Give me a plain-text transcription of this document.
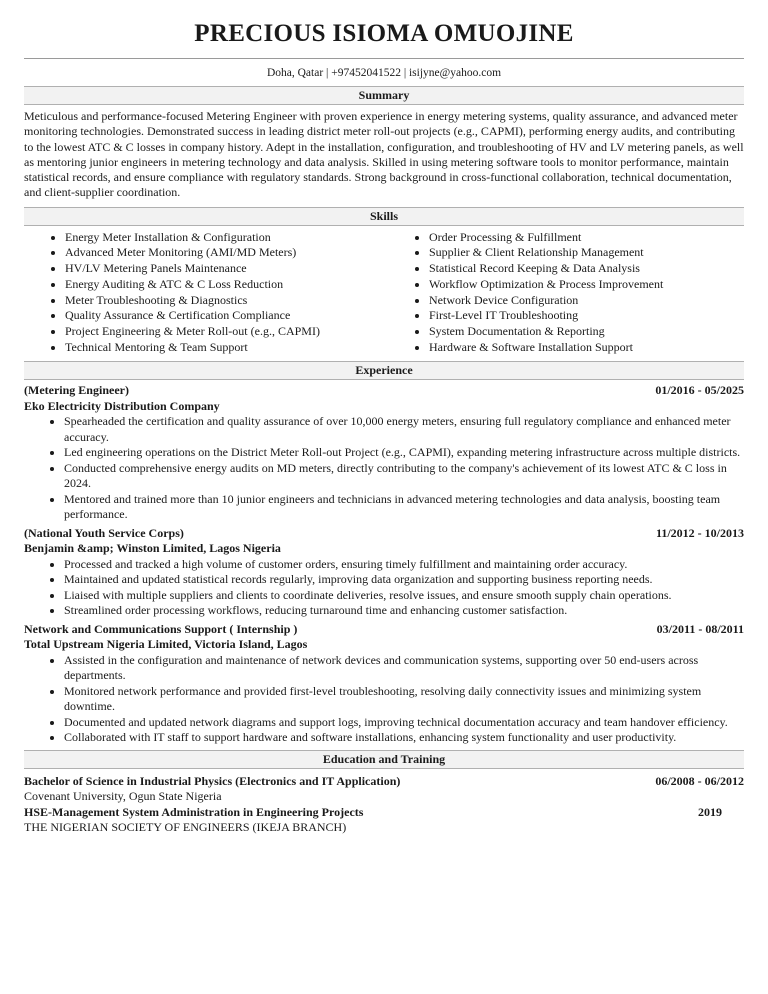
PRECIOUS ISIOMA OMUOJINE
Doha, Qatar | +97452041522 | isijyne@yahoo.com
Summary

Meticulous and performance-focused Metering Engineer with proven experience in energy metering systems, quality assurance, and advanced meter monitoring technologies. Demonstrated success in leading district meter roll-out projects (e.g., CAPMI), performing energy audits, and contributing to the lowest ATC & C losses in company history. Adept in the installation, configuration, and troubleshooting of HV and LV metering panels, as well as mentoring junior engineers in metering technology and data analysis. Skilled in using metering software tools to monitor performance, maintain statistical records, and ensure compliance with regulatory standards. Strong background in cross-functional collaboration, technical documentation, and client-supplier coordination.

Skills
• Energy Meter Installation & Configuration
• Advanced Meter Monitoring (AMI/MD Meters)
• HV/LV Metering Panels Maintenance
• Energy Auditing & ATC & C Loss Reduction
• Meter Troubleshooting & Diagnostics
• Quality Assurance & Certification Compliance
• Project Engineering & Meter Roll-out (e.g., CAPMI)
• Technical Mentoring & Team Support
• Order Processing & Fulfillment
• Supplier & Client Relationship Management
• Statistical Record Keeping & Data Analysis
• Workflow Optimization & Process Improvement
• Network Device Configuration
• First-Level IT Troubleshooting
• System Documentation & Reporting
• Hardware & Software Installation Support
Experience
(Metering Engineer)	01/2016 - 05/2025
Eko Electricity Distribution Company
• Spearheaded the certification and quality assurance of over 10,000 energy meters, ensuring full regulatory compliance and enhanced meter accuracy.
• Led engineering operations on the District Meter Roll-out Project (e.g., CAPMI), expanding metering infrastructure across multiple districts.
• Conducted comprehensive energy audits on MD meters, directly contributing to the company's achievement of its lowest ATC & C loss in 2024.
• Mentored and trained more than 10 junior engineers and technicians in advanced metering technologies and data analysis, boosting team performance.
(National Youth Service Corps)	11/2012 - 10/2013
Benjamin &amp; Winston Limited, Lagos Nigeria
• Processed and tracked a high volume of customer orders, ensuring timely fulfillment and maintaining order accuracy.
• Maintained and updated statistical records regularly, improving data organization and supporting business reporting needs.
• Liaised with multiple suppliers and clients to coordinate deliveries, resolve issues, and ensure smooth supply chain operations.
• Streamlined order processing workflows, reducing turnaround time and enhancing customer satisfaction.
Network and Communications Support ( Internship )	03/2011 - 08/2011
Total Upstream Nigeria Limited, Victoria Island, Lagos
• Assisted in the configuration and maintenance of network devices and communication systems, supporting over 50 end-users across departments.
• Monitored network performance and provided first-level troubleshooting, resolving daily connectivity issues and minimizing system downtime.
• Documented and updated network diagrams and support logs, improving technical documentation accuracy and team handover efficiency.
• Collaborated with IT staff to support hardware and software installations, enhancing system functionality and user productivity.
Education and Training
Bachelor of Science in Industrial Physics (Electronics and IT Application)	06/2008 - 06/2012
Covenant University, Ogun State Nigeria
HSE-Management System Administration in Engineering Projects	2019
THE NIGERIAN SOCIETY OF ENGINEERS (IKEJA BRANCH)
